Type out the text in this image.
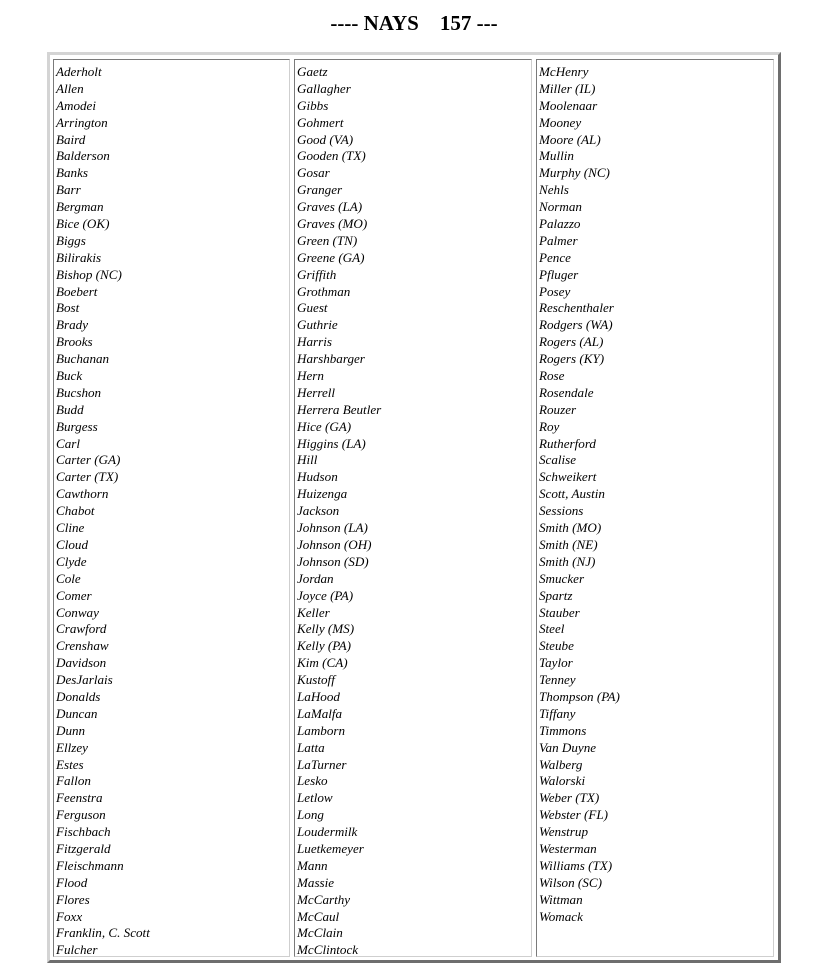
---- NAYS    157 ---
Aderholt
Allen
Amodei
Arrington
Baird
Balderson
Banks
Barr
Bergman
Bice (OK)
Biggs
Bilirakis
Bishop (NC)
Boebert
Bost
Brady
Brooks
Buchanan
Buck
Bucshon
Budd
Burgess
Carl
Carter (GA)
Carter (TX)
Cawthorn
Chabot
Cline
Cloud
Clyde
Cole
Comer
Conway
Crawford
Crenshaw
Davidson
DesJarlais
Donalds
Duncan
Dunn
Ellzey
Estes
Fallon
Feenstra
Ferguson
Fischbach
Fitzgerald
Fleischmann
Flood
Flores
Foxx
Franklin, C. Scott
Fulcher
Gaetz
Gallagher
Gibbs
Gohmert
Good (VA)
Gooden (TX)
Gosar
Granger
Graves (LA)
Graves (MO)
Green (TN)
Greene (GA)
Griffith
Grothman
Guest
Guthrie
Harris
Harshbarger
Hern
Herrell
Herrera Beutler
Hice (GA)
Higgins (LA)
Hill
Hudson
Huizenga
Jackson
Johnson (LA)
Johnson (OH)
Johnson (SD)
Jordan
Joyce (PA)
Keller
Kelly (MS)
Kelly (PA)
Kim (CA)
Kustoff
LaHood
LaMalfa
Lamborn
Latta
LaTurner
Lesko
Letlow
Long
Loudermilk
Luetkemeyer
Mann
Massie
McCarthy
McCaul
McClain
McClintock
McHenry
Miller (IL)
Moolenaar
Mooney
Moore (AL)
Mullin
Murphy (NC)
Nehls
Norman
Palazzo
Palmer
Pence
Pfluger
Posey
Reschenthaler
Rodgers (WA)
Rogers (AL)
Rogers (KY)
Rose
Rosendale
Rouzer
Roy
Rutherford
Scalise
Schweikert
Scott, Austin
Sessions
Smith (MO)
Smith (NE)
Smith (NJ)
Smucker
Spartz
Stauber
Steel
Steube
Taylor
Tenney
Thompson (PA)
Tiffany
Timmons
Van Duyne
Walberg
Walorski
Weber (TX)
Webster (FL)
Wenstrup
Westerman
Williams (TX)
Wilson (SC)
Wittman
Womack
